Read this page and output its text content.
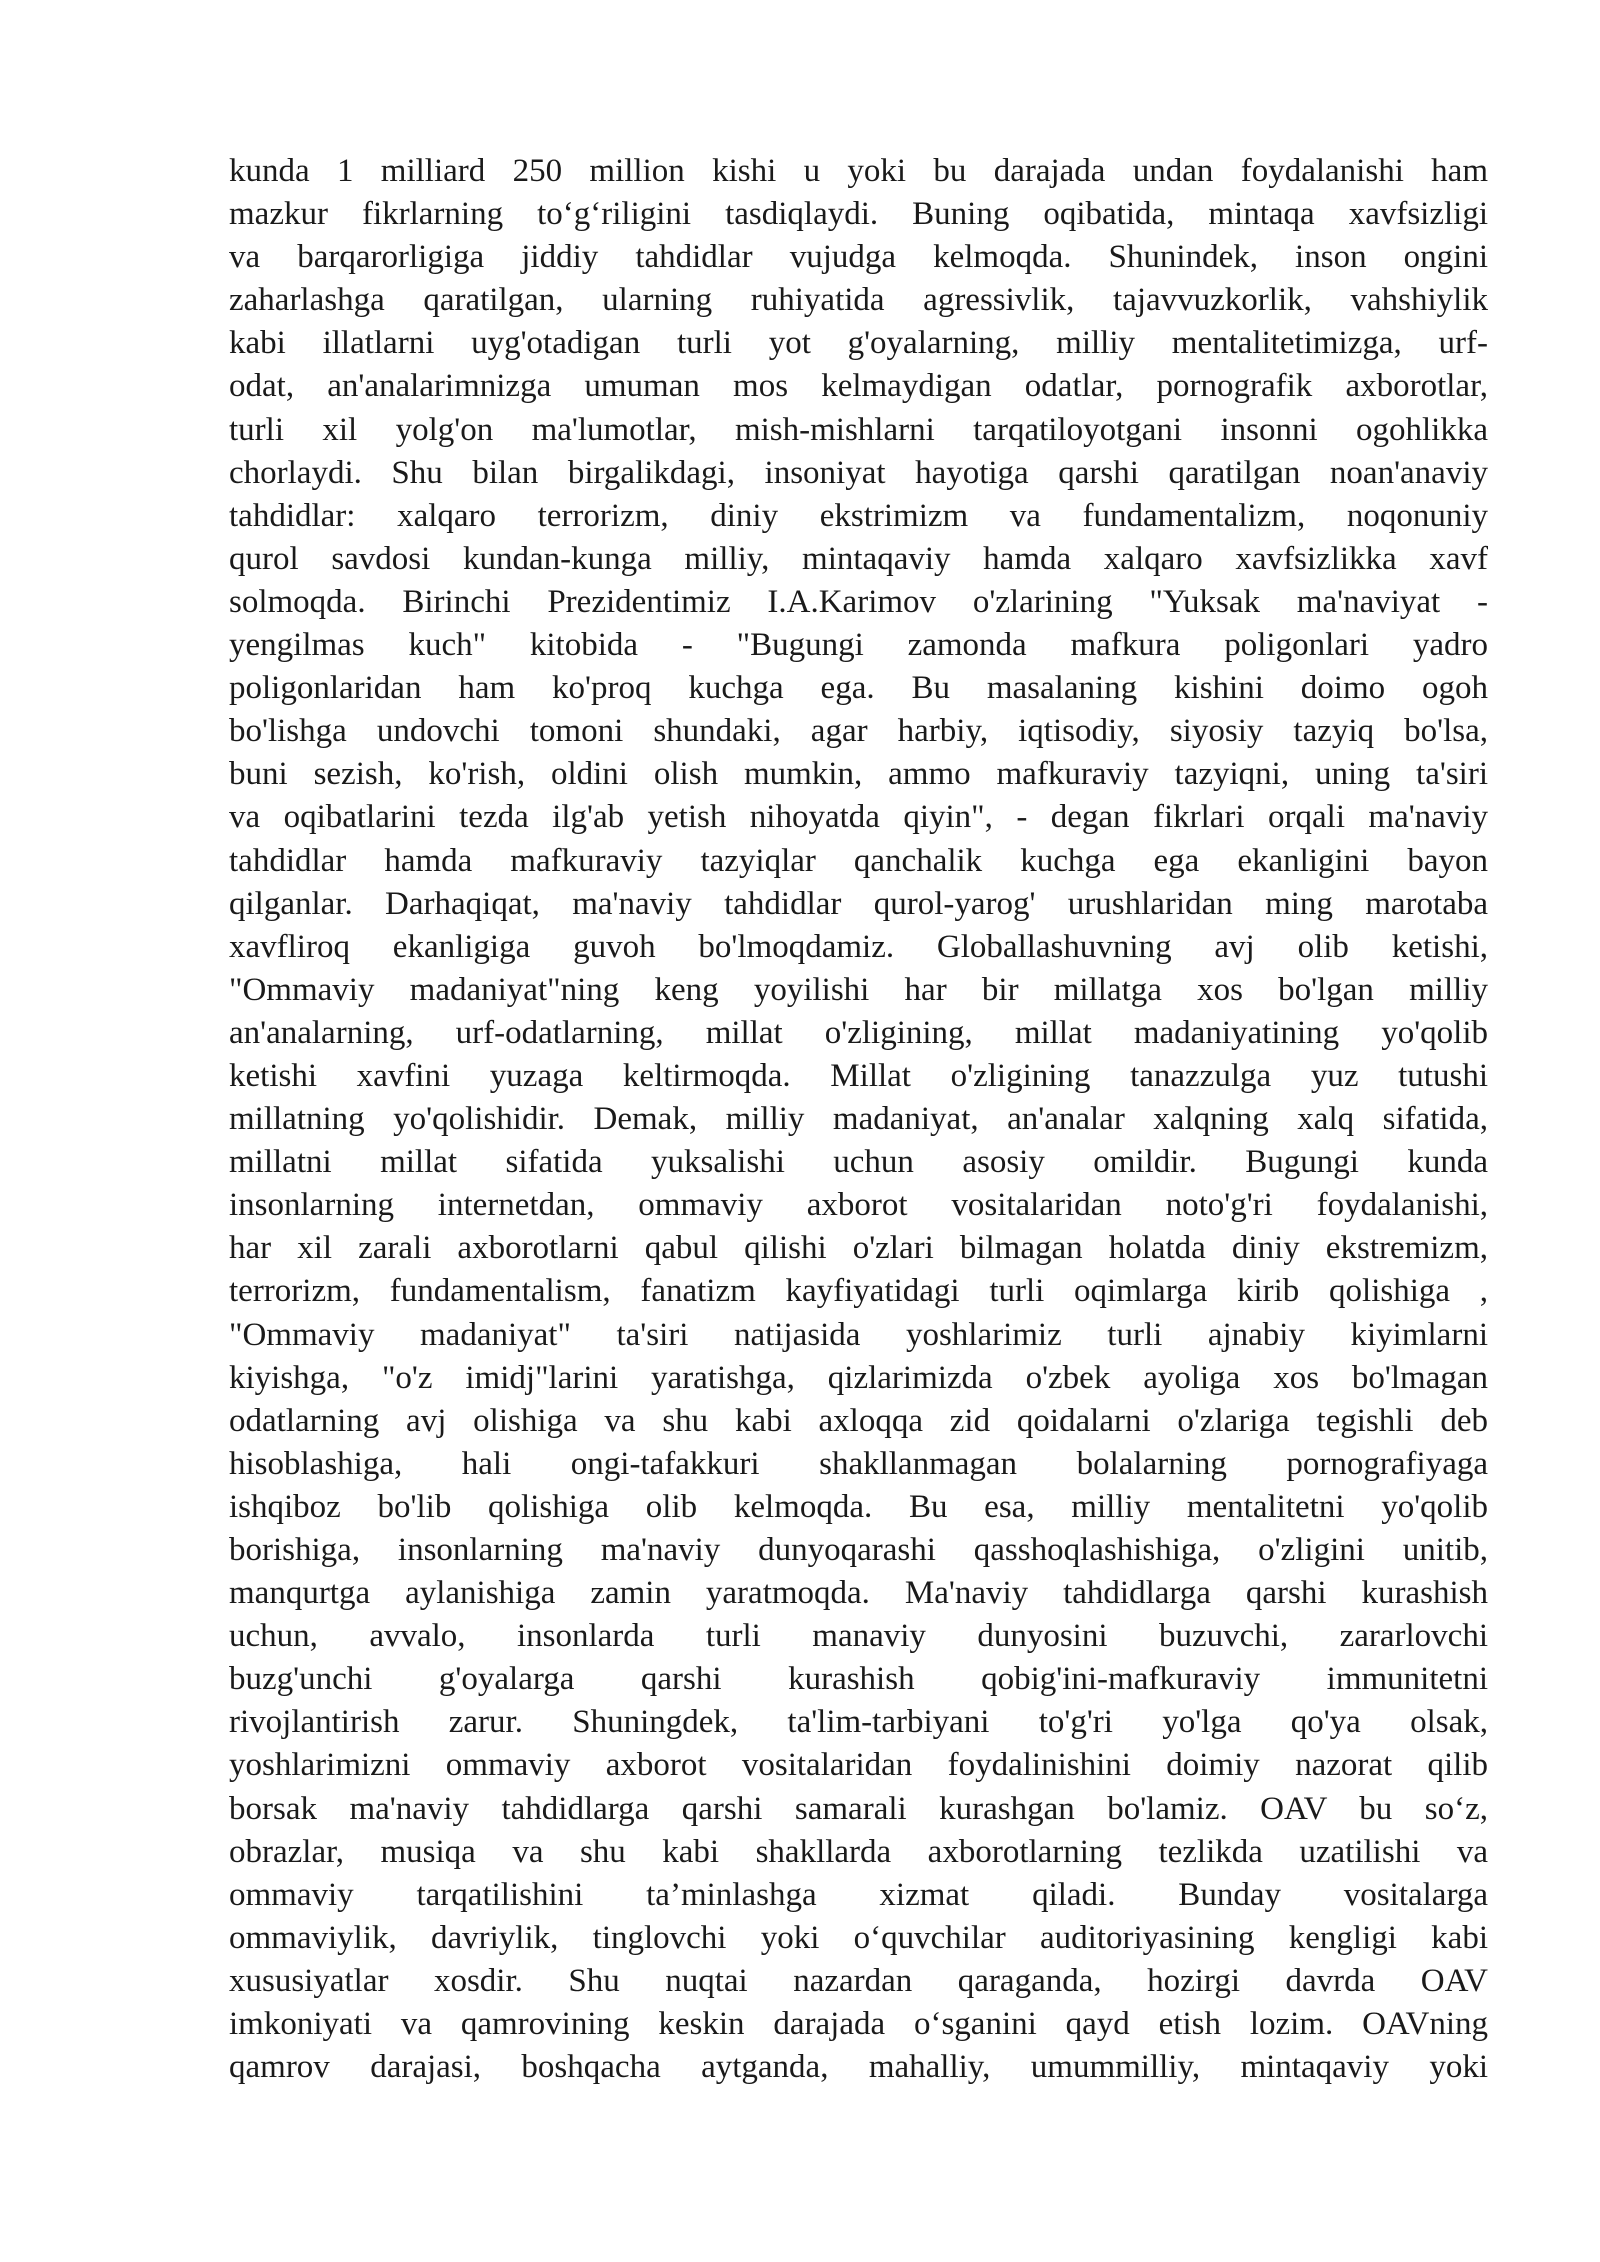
kunda 1 milliard 250 million kishi u yoki bu darajada undan foydalanishi ham
mazkur fikrlarning to‘g‘riligini tasdiqlaydi. Buning oqibatida, mintaqa xavfsizligi
va barqarorligiga jiddiy tahdidlar vujudga kelmoqda. Shunindek, inson ongini
zaharlashga qaratilgan, ularning ruhiyatida agressivlik, tajavvuzkorlik, vahshiylik
kabi illatlarni uyg'otadigan turli yot g'oyalarning, milliy mentalitetimizga, urf-
odat, an'analarimnizga umuman mos kelmaydigan odatlar, pornografik axborotlar,
turli xil yolg'on ma'lumotlar, mish-mishlarni tarqatiloyotgani insonni ogohlikka
chorlaydi. Shu bilan birgalikdagi, insoniyat hayotiga qarshi qaratilgan noan'anaviy
tahdidlar: xalqaro terrorizm, diniy ekstrimizm va fundamentalizm, noqonuniy
qurol savdosi kundan-kunga milliy, mintaqaviy hamda xalqaro xavfsizlikka xavf
solmoqda. Birinchi Prezidentimiz I.A.Karimov o'zlarining "Yuksak ma'naviyat -
yengilmas kuch" kitobida - "Bugungi zamonda mafkura poligonlari yadro
poligonlaridan ham ko'proq kuchga ega. Bu masalaning kishini doimo ogoh
bo'lishga undovchi tomoni shundaki, agar harbiy, iqtisodiy, siyosiy tazyiq bo'lsa,
buni sezish, ko'rish, oldini olish mumkin, ammo mafkuraviy tazyiqni, uning ta'siri
va oqibatlarini tezda ilg'ab yetish nihoyatda qiyin", - degan fikrlari orqali ma'naviy
tahdidlar hamda mafkuraviy tazyiqlar qanchalik kuchga ega ekanligini bayon
qilganlar. Darhaqiqat, ma'naviy tahdidlar qurol-yarog' urushlaridan ming marotaba
xavfliroq ekanligiga guvoh bo'lmoqdamiz. Globallashuvning avj olib ketishi,
"Ommaviy madaniyat"ning keng yoyilishi har bir millatga xos bo'lgan milliy
an'analarning, urf-odatlarning, millat o'zligining, millat madaniyatining yo'qolib
ketishi xavfini yuzaga keltirmoqda. Millat o'zligining tanazzulga yuz tutushi
millatning yo'qolishidir. Demak, milliy madaniyat, an'analar xalqning xalq sifatida,
millatni millat sifatida yuksalishi uchun asosiy omildir. Bugungi kunda
insonlarning internetdan, ommaviy axborot vositalaridan noto'g'ri foydalanishi,
har xil zarali axborotlarni qabul qilishi o'zlari bilmagan holatda diniy ekstremizm,
terrorizm, fundamentalism, fanatizm kayfiyatidagi turli oqimlarga kirib qolishiga ,
"Ommaviy madaniyat" ta'siri natijasida yoshlarimiz turli ajnabiy kiyimlarni
kiyishga, "o'z imidj"larini yaratishga, qizlarimizda o'zbek ayoliga xos bo'lmagan
odatlarning avj olishiga va shu kabi axloqqa zid qoidalarni o'zlariga tegishli deb
hisoblashiga, hali ongi-tafakkuri shakllanmagan bolalarning pornografiyaga
ishqiboz bo'lib qolishiga olib kelmoqda. Bu esa, milliy mentalitetni yo'qolib
borishiga, insonlarning ma'naviy dunyoqarashi qasshoqlashishiga, o'zligini unitib,
manqurtga aylanishiga zamin yaratmoqda. Ma'naviy tahdidlarga qarshi kurashish
uchun, avvalo, insonlarda turli manaviy dunyosini buzuvchi, zararlovchi
buzg'unchi g'oyalarga qarshi kurashish qobig'ini-mafkuraviy immunitetni
rivojlantirish zarur. Shuningdek, ta'lim-tarbiyani to'g'ri yo'lga qo'ya olsak,
yoshlarimizni ommaviy axborot vositalaridan foydalinishini doimiy nazorat qilib
borsak ma'naviy tahdidlarga qarshi samarali kurashgan bo'lamiz. OAV bu so‘z,
obrazlar, musiqa va shu kabi shakllarda axborotlarning tezlikda uzatilishi va
ommaviy tarqatilishini ta’minlashga xizmat qiladi. Bunday vositalarga
ommaviylik, davriylik, tinglovchi yoki o‘quvchilar auditoriyasining kengligi kabi
xususiyatlar xosdir. Shu nuqtai nazardan qaraganda, hozirgi davrda OAV
imkoniyati va qamrovining keskin darajada o‘sganini qayd etish lozim. OAVning
qamrov darajasi, boshqacha aytganda, mahalliy, umummilliy, mintaqaviy yoki
